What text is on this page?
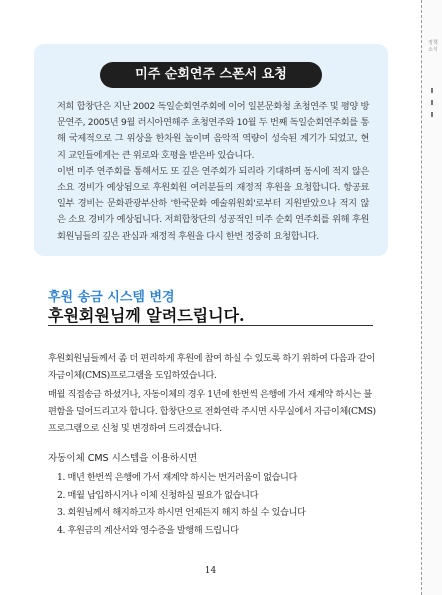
미주 순회연주 스폰서 요청

저희 합창단은 지난 2002 독일순회연주회에 이어 일본문화청 초청연주 및 평양 방문연주, 2005년 9월 러시아연해주 초청연주와 10월 두 번째 독일순회연주회를 통해 국제적으로 그 위상을 한차원 높이며 음악적 역량이 성숙된 계기가 되었고, 현지 교인들에게는 큰 위로와 호평을 받은바 있습니다.

이번 미주 연주회를 통해서도 또 깊은 연주회가 되리라 기대하며 동시에 적지 않은 소요 경비가 예상됨으로 후원회원 여러분들의 재정적 후원을 요청합니다. 항공료 일부 경비는 문화관광부산하 '한국문화 예술위원회'로부터 지원받았으나 적지 않은 소요 경비가 예상됩니다. 저희합창단의 성공적인 미주 순회 연주회를 위해 후원회원님들의 깊은 관심과 재정적 후원을 다시 한번 정중히 요청합니다.

후원 송금 시스템 변경
후원회원님께 알려드립니다.

후원회원님들께서 좀 더 편리하게 후원에 참여 하실 수 있도록 하기 위하여 다음과 같이 자금이체(CMS)프로그램을 도입하였습니다.

매월 직접송금 하셨거나, 자동이체의 경우 1년에 한번씩 은행에 가서 재계약 하시는 불편함을 덜어드리고자 합니다. 합창단으로 전화연락 주시면 사무실에서 자금이체(CMS)프로그램으로 신청 및 변경하여 드리겠습니다.

자동이체 CMS 시스템을 이용하시면
1. 매년 한번씩 은행에 가서 재계약 하시는 번거러움이 없습니다
2. 매월 납입하시거나 이체 신청하실 필요가 없습니다
3. 회원님께서 해지하고자 하시면 언제든지 해지 하실 수 있습니다
4. 후원금의 계산서와 영수증을 발행해 드립니다
14
정책소식
